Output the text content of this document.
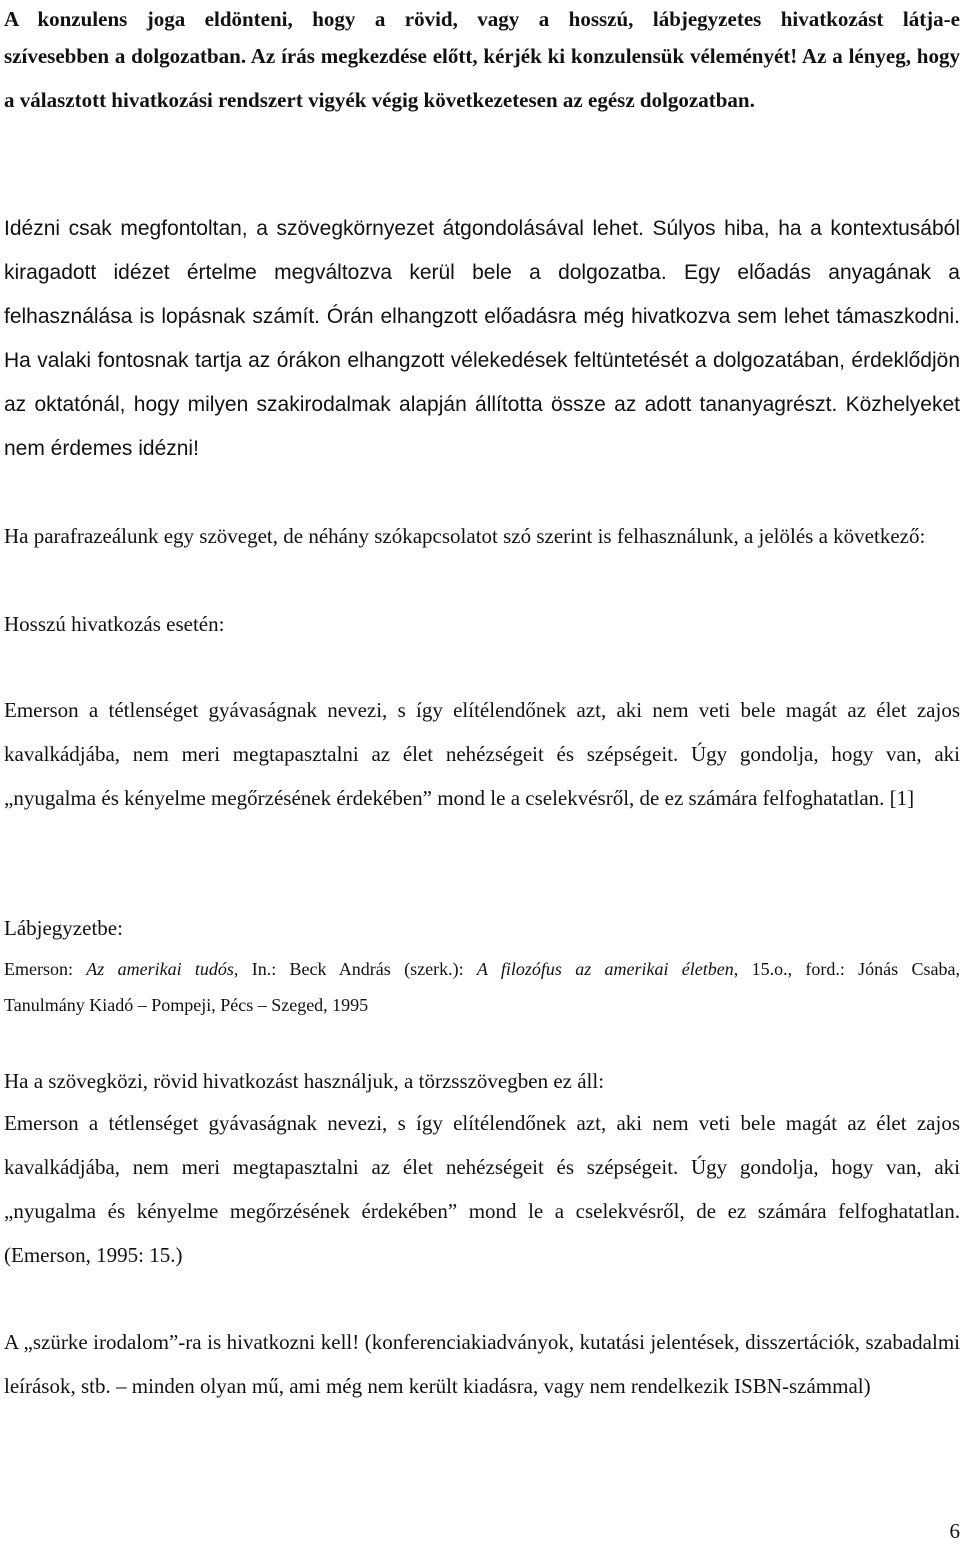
A konzulens joga eldönteni, hogy a rövid, vagy a hosszú, lábjegyzetes hivatkozást látja-e

szívesebben a dolgozatban. Az írás megkezdése előtt, kérjék ki konzulensük véleményét! Az a lényeg, hogy a választott hivatkozási rendszert vigyék végig következetesen az egész dolgozatban.

Idézni csak megfontoltan, a szövegkörnyezet átgondolásával lehet. Súlyos hiba, ha a kontextusából kiragadott idézet értelme megváltozva kerül bele a dolgozatba. Egy előadás anyagának a felhasználása is lopásnak számít. Órán elhangzott előadásra még hivatkozva sem lehet támaszkodni. Ha valaki fontosnak tartja az órákon elhangzott vélekedések feltüntetését a dolgozatában, érdeklődjön az oktatónál, hogy milyen szakirodalmak alapján állította össze az adott tananyagrészt. Közhelyeket nem érdemes idézni!

Ha parafrazeálunk egy szöveget, de néhány szókapcsolatot szó szerint is felhasználunk, a jelölés a következő:

Hosszú hivatkozás esetén:

Emerson a tétlenséget gyávaságnak nevezi, s így elítélendőnek azt, aki nem veti bele magát az élet zajos kavalkádjába, nem meri megtapasztalni az élet nehézségeit és szépségeit. Úgy gondolja, hogy van, aki „nyugalma és kényelme megőrzésének érdekében” mond le a cselekvésről, de ez számára felfoghatatlan. [1]

Lábjegyzetbe:

Emerson: Az amerikai tudós, In.: Beck András (szerk.): A filozófus az amerikai életben, 15.o., ford.: Jónás Csaba,

Tanulmány Kiadó – Pompeji, Pécs – Szeged, 1995

Ha a szövegközi, rövid hivatkozást használjuk, a törzsszövegben ez áll:

Emerson a tétlenséget gyávaságnak nevezi, s így elítélendőnek azt, aki nem veti bele magát az élet zajos kavalkádjába, nem meri megtapasztalni az élet nehézségeit és szépségeit. Úgy gondolja, hogy van, aki „nyugalma és kényelme megőrzésének érdekében” mond le a cselekvésről, de ez számára felfoghatatlan. (Emerson, 1995: 15.)

A „szürke irodalom”-ra is hivatkozni kell! (konferenciakiadványok, kutatási jelentések, disszertációk, szabadalmi leírások, stb. – minden olyan mű, ami még nem került kiadásra, vagy nem rendelkezik ISBN-számmal)

6
